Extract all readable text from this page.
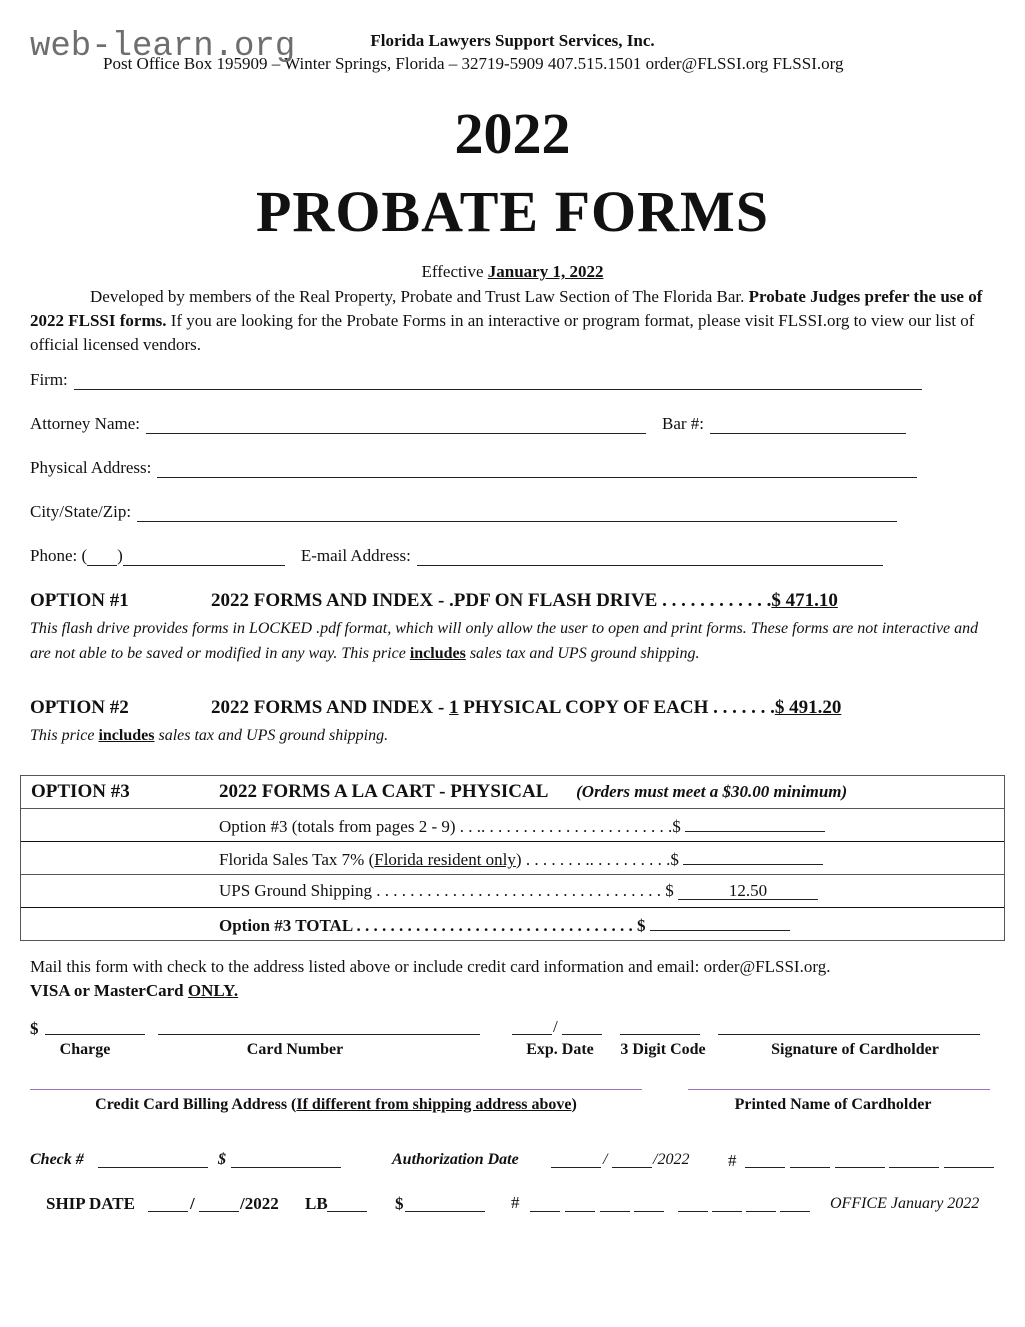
web-learn.org	Florida Lawyers Support Services, Inc.
Post Office Box 195909 – Winter Springs, Florida – 32719-5909 407.515.1501 order@FLSSI.org FLSSI.org
2022
PROBATE FORMS
Effective January 1, 2022
Developed by members of the Real Property, Probate and Trust Law Section of The Florida Bar. Probate Judges prefer the use of 2022 FLSSI forms. If you are looking for the Probate Forms in an interactive or program format, please visit FLSSI.org to view our list of official licensed vendors.
Firm:
Attorney Name:	Bar #:
Physical Address:
City/State/Zip:
Phone: ( )	E-mail Address:
OPTION #1	2022 FORMS AND INDEX - .PDF ON FLASH DRIVE . . . . . . . . . . . . $ 471.10
This flash drive provides forms in LOCKED .pdf format, which will only allow the user to open and print forms. These forms are not interactive and are not able to be saved or modified in any way. This price includes sales tax and UPS ground shipping.
OPTION #2	2022 FORMS AND INDEX - 1 PHYSICAL COPY OF EACH . . . . . . . $ 491.20
This price includes sales tax and UPS ground shipping.
OPTION #3	2022 FORMS A LA CART - PHYSICAL (Orders must meet a $30.00 minimum)
Option #3 (totals from pages 2 - 9) . . .. . . . . . . . . . . . . . . . . . . . . . .$
Florida Sales Tax 7% (Florida resident only) . . . . . . . .. . . . . . . . . .$
UPS Ground Shipping . . . . . . . . . . . . . . . . . . . . . . . . . . . . . . . . . . $	12.50
Option #3 TOTAL . . . . . . . . . . . . . . . . . . . . . . . . . . . . . . . . . $
Mail this form with check to the address listed above or include credit card information and email: order@FLSSI.org.
VISA or MasterCard ONLY.
$	/
Charge	Card Number	Exp. Date	3 Digit Code	Signature of Cardholder
Credit Card Billing Address (If different from shipping address above)	Printed Name of Cardholder
Check #	$	Authorization Date	/	/2022 #
SHIP DATE	/	/2022 LB	$	#	OFFICE January 2022
